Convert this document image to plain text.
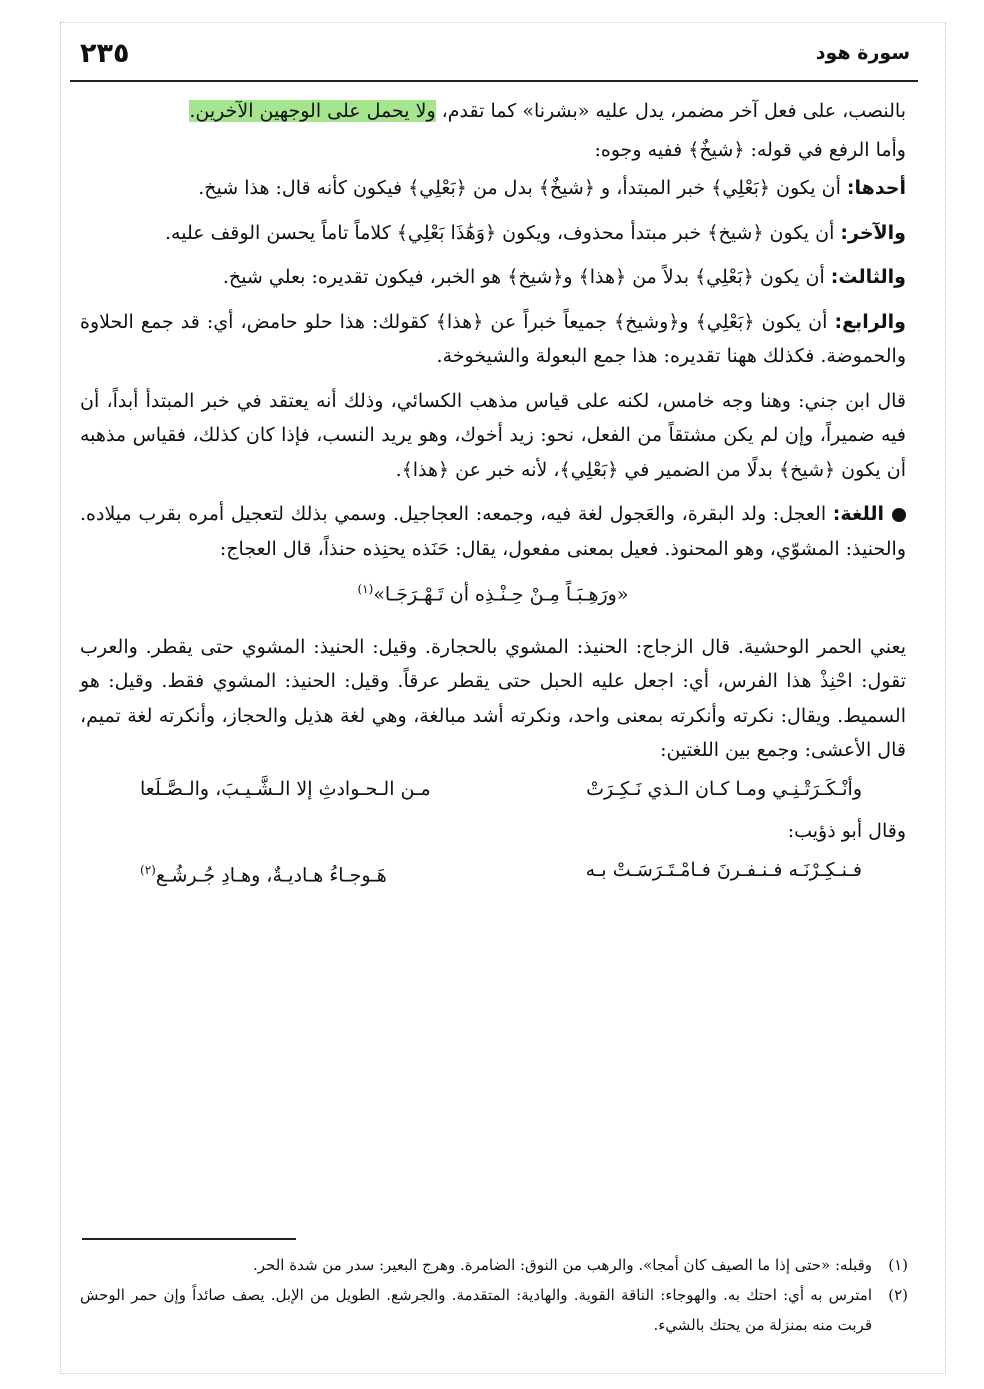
٢٣٥	سورة هود

بالنصب، على فعل آخر مضمر، يدل عليه «بشرنا» كما تقدم، ولا يحمل على الوجهين الآخرين.

وأما الرفع في قوله: ﴿شيخٌ﴾ ففيه وجوه:

أحدها: أن يكون ﴿بَعْلِي﴾ خبر المبتدأ، و ﴿شيخٌ﴾ بدل من ﴿بَعْلِي﴾ فيكون كأنه قال: هذا شيخ.

والآخر: أن يكون ﴿شيخ﴾ خبر مبتدأ محذوف، ويكون ﴿وَهَٰذَا بَعْلِي﴾ كلاماً تاماً يحسن الوقف عليه.

والثالث: أن يكون ﴿بَعْلِي﴾ بدلاً من ﴿هذا﴾ و﴿شيخ﴾ هو الخبر، فيكون تقديره: بعلي شيخ.

والرابع: أن يكون ﴿بَعْلِي﴾ و﴿وشيخ﴾ جميعاً خبراً عن ﴿هذا﴾ كقولك: هذا حلو حامض، أي: قد جمع الحلاوة والحموضة. فكذلك ههنا تقديره: هذا جمع البعولة والشيخوخة.

قال ابن جني: وهنا وجه خامس، لكنه على قياس مذهب الكسائي، وذلك أنه يعتقد في خبر المبتدأ أبداً، أن فيه ضميراً، وإن لم يكن مشتقاً من الفعل، نحو: زيد أخوك، وهو يريد النسب، فإذا كان كذلك، فقياس مذهبه أن يكون ﴿شيخ﴾ بدلًا من الضمير في ﴿بَعْلِي﴾، لأنه خبر عن ﴿هذا﴾.

اللغة: العجل: ولد البقرة، والعَجول لغة فيه، وجمعه: العجاجيل. وسمي بذلك لتعجيل أمره بقرب ميلاده. والحنيذ: المشوّي، وهو المحنوذ. فعيل بمعنى مفعول، يقال: حَنَذه يحنِذه حنذاً، قال العجاج:

«ورَهِـبَـاً مِـنْ حِـنْـذِه أن تَـهْـرَجَـا»$^{(١)}$

يعني الحمر الوحشية. قال الزجاج: الحنيذ: المشوي بالحجارة. وقيل: الحنيذ: المشوي حتى يقطر. والعرب تقول: احْنِذْ هذا الفرس، أي: اجعل عليه الحبل حتى يقطر عرقاً. وقيل: الحنيذ: المشوي فقط. وقيل: هو السميط. ويقال: نكرته وأنكرته بمعنى واحد، ونكرته أشد مبالغة، وهي لغة هذيل والحجاز، وأنكرته لغة تميم، قال الأعشى: وجمع بين اللغتين:

وأنْـكَـرَتْـنِـي ومـا كـان الـذي نَـكِـرَتْ
مـن الـحـوادثِ إلا الـشَّـيـبَ، والـصَّـلَعا

وقال أبو ذؤيب:

فـنـكِـرْنَـه فـنـفـرنَ فـامْـتَـرَسَـتْ بـه
هَـوجـاءُ هـاديـةٌ، وهـادِ جُـرشُـع$^{(٢)}$
(١)
وقبله: «حتى إذا ما الصيف كان أمجا». والرهب من النوق: الضامرة. وهرج البعير: سدر من شدة الحر.
(٢)
امترس به أي: احتك به. والهوجاء: الناقة القوية. والهادية: المتقدمة. والجرشع. الطويل من الإبل. يصف صائداً وإن حمر الوحش قربت منه بمنزلة من يحتك بالشيء.
